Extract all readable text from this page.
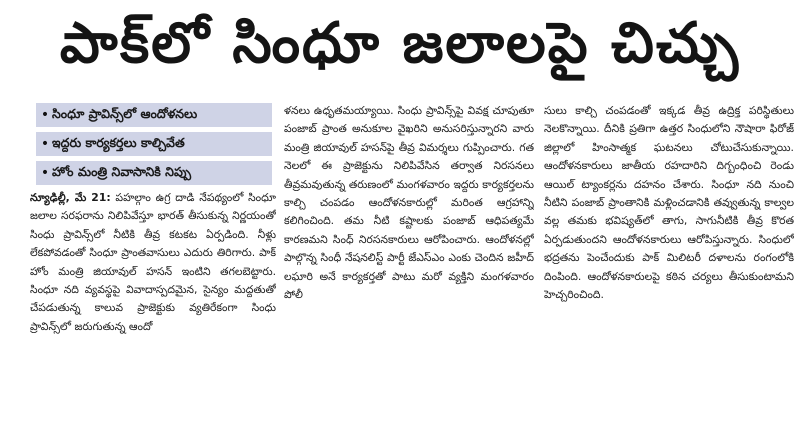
పాక్‌లో సింధూ జలాలపై చిచ్చు
• సింధూ ప్రావిన్స్‌లో ఆందోళనలు
• ఇద్దరు కార్యకర్తలు కాల్చివేత
• హోం మంత్రి నివాసానికి నిప్పు

న్యూఢిల్లీ, మే 21: పహల్గాం ఉగ్ర దాడి నేపథ్యంలో సింధూ జలాల సరఫరాను నిలిపివేస్తూ భారత్ తీసుకున్న నిర్ణయంతో సింధు ప్రావిన్స్‌లో నీటికి తీవ్ర కటకట ఏర్పడింది. నీళ్లు లేకపోవడంతో సింధూ ప్రాంతవాసులు ఎదురు తిరిగారు. పాక్ హోం మంత్రి జియావుల్ హసన్ ఇంటిని తగలబెట్టారు. సింధూ నది వ్యవస్థపై వివాదాస్పదమైన, సైన్యం మద్దతుతో చేపడుతున్న కాలువ ప్రాజెక్టుకు వ్యతిరేకంగా సింధు ప్రావిన్స్‌లో జరుగుతున్న ఆందో

ళనలు ఉధృతమయ్యాయి. సింధు ప్రావిన్స్‌పై వివక్ష చూపుతూ పంజాబ్ ప్రాంత అనుకూల వైఖరిని అనుసరిస్తున్నారని వారు మంత్రి జియావుల్ హసన్‌పై తీవ్ర విమర్శలు గుప్పించారు. గత నెలలో ఈ ప్రాజెక్టును నిలిపివేసిన తర్వాత నిరసనలు తీవ్రమవుతున్న తరుణంలో మంగళవారం ఇద్దరు కార్యకర్తలను కాల్చి చంపడం ఆందోళనకారుల్లో మరింత ఆగ్రహాన్ని కలిగించింది. తమ నీటి కష్టాలకు పంజాబ్ ఆధిపత్యమే కారణమని సింధ్ నిరసనకారులు ఆరోపించారు. ఆందోళనల్లో పాల్గొన్న సింధీ నేషనలిస్ట్ పార్టీ జేఎస్ఎం ఎంకు చెందిన జహీద్ లఘారి అనే కార్యకర్తతో పాటు మరో వ్యక్తిని మంగళవారం పోలీ

సులు కాల్చి చంపడంతో ఇక్కడ తీవ్ర ఉద్రిక్త పరిస్థితులు నెలకొన్నాయి. దీనికి ప్రతిగా ఉత్తర సింధులోని నౌషారా ఫిరోజ్ జిల్లాలో హింసాత్మక ఘటనలు చోటుచేసుకున్నాయి. ఆందోళనకారులు జాతీయ రహదారిని దిగ్బంధించి రెండు ఆయిల్ ట్యాంకర్లను దహనం చేశారు. సింధూ నది నుంచి నీటిని పంజాబ్ ప్రాంతానికి మళ్లించడానికి తవ్వుతున్న కాల్వల వల్ల తమకు భవిష్యత్‌లో తాగు, సాగునీటికి తీవ్ర కొరత ఏర్పడుతుందని ఆందోళనకారులు ఆరోపిస్తున్నారు. సింధులో భద్రతను పెంచేందుకు పాక్ మిలిటరీ దళాలను రంగంలోకి దింపింది. ఆందోళనకారులపై కఠిన చర్యలు తీసుకుంటామని హెచ్చరించింది.
